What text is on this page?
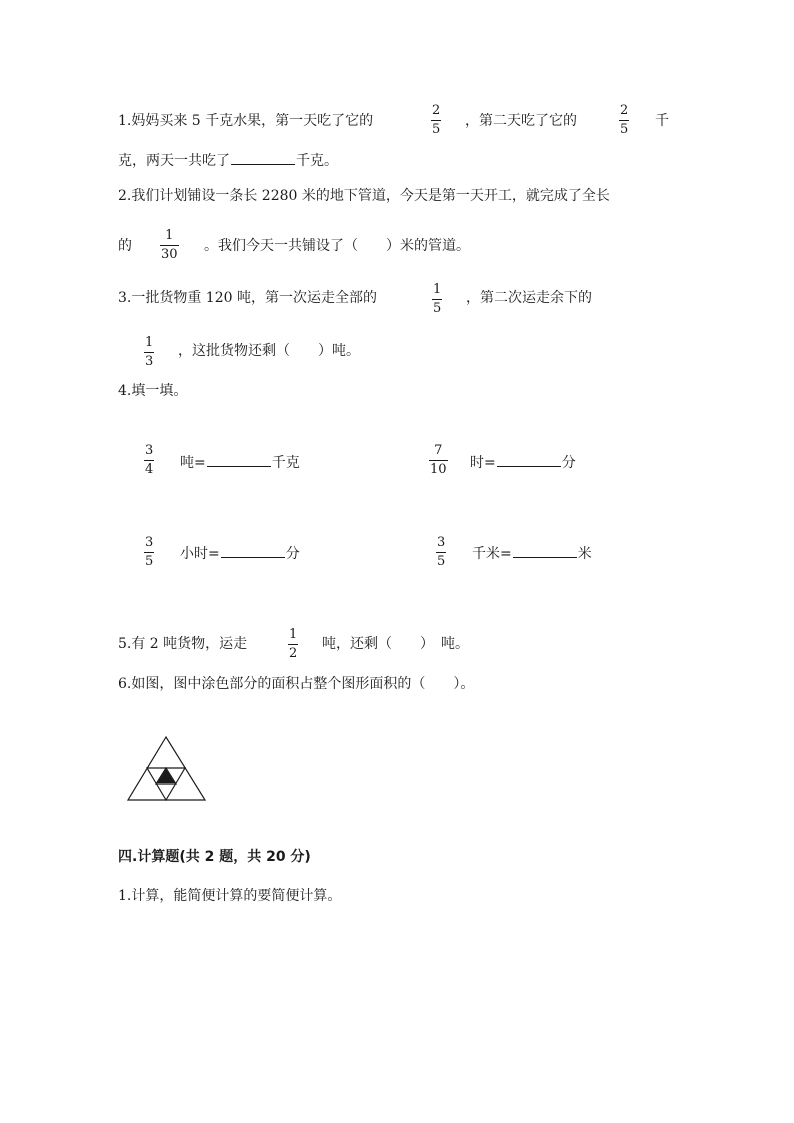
1.妈妈买来 5 千克水果，第一天吃了它的
2
5
，第二天吃了它的
2
5
千
克，两天一共吃了	千克。
2.我们计划铺设一条长 2280 米的地下管道，今天是第一天开工，就完成了全长
的
1
30
。我们今天一共铺设了（　　）米的管道。
3.一批货物重 120 吨，第一次运走全部的
1
5
，第二次运走余下的
1
3
，这批货物还剩（　　）吨。
4.填一填。
3
4 吨=	千克
7
10 时=	分
3
5 小时=	分
3
5 千米=	米
5.有 2 吨货物，运走
1
2
吨，还剩（　　）　吨。
6.如图，图中涂色部分的面积占整个图形面积的（　　）。
四.计算题(共 2 题，共 20 分)
1.计算，能简便计算的要简便计算。
